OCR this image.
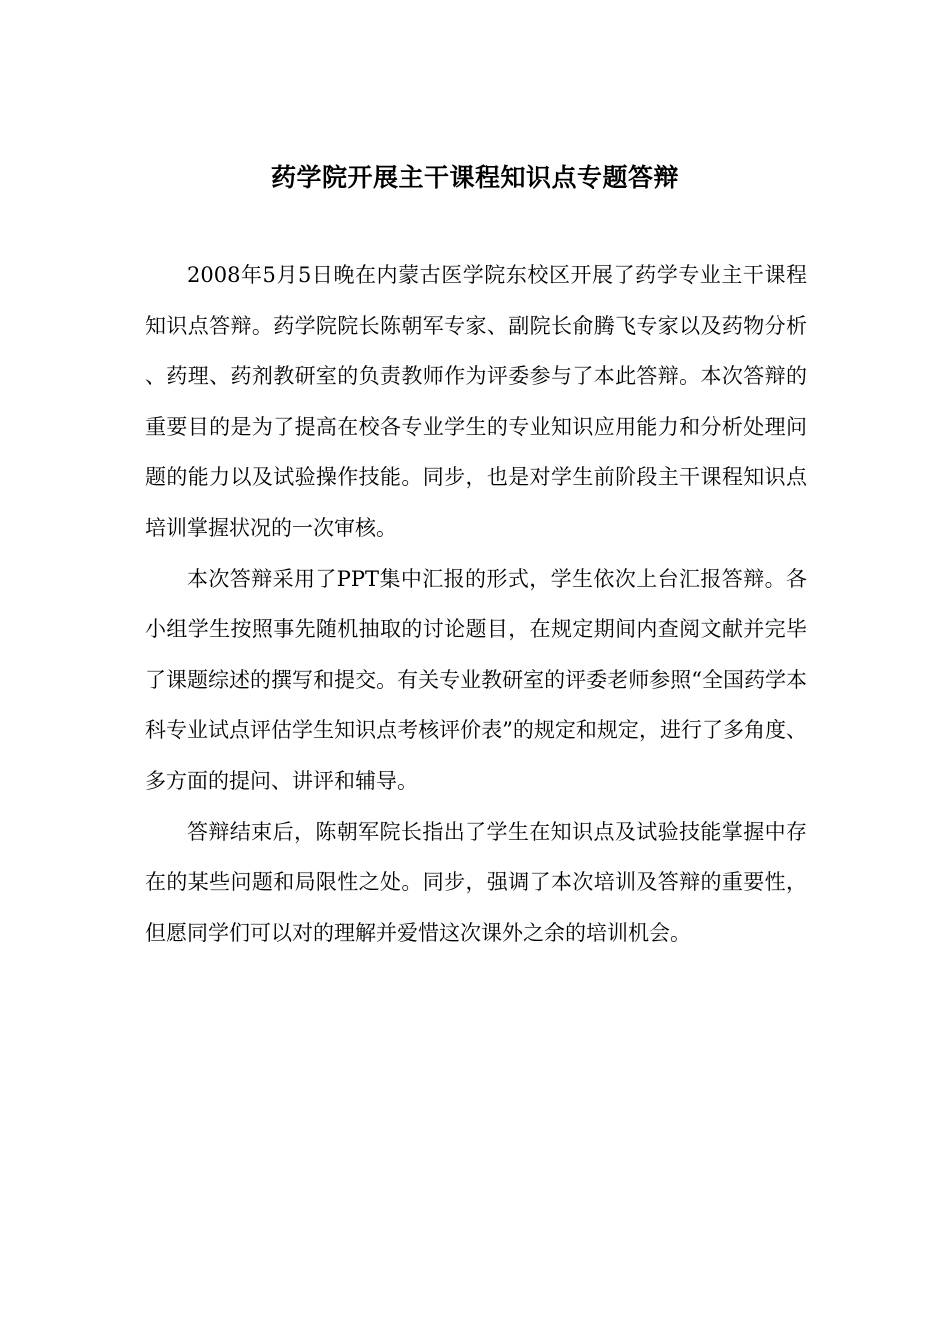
药学院开展主干课程知识点专题答辩

2008年5月5日晚在内蒙古医学院东校区开展了药学专业主干课程知识点答辩。药学院院长陈朝军专家、副院长俞腾飞专家以及药物分析、药理、药剂教研室的负责教师作为评委参与了本此答辩。本次答辩的重要目的是为了提高在校各专业学生的专业知识应用能力和分析处理问题的能力以及试验操作技能。同步，也是对学生前阶段主干课程知识点培训掌握状况的一次审核。

本次答辩采用了PPT集中汇报的形式，学生依次上台汇报答辩。各小组学生按照事先随机抽取的讨论题目，在规定期间内查阅文献并完毕了课题综述的撰写和提交。有关专业教研室的评委老师参照“全国药学本科专业试点评估学生知识点考核评价表”的规定和规定，进行了多角度、多方面的提问、讲评和辅导。

答辩结束后，陈朝军院长指出了学生在知识点及试验技能掌握中存在的某些问题和局限性之处。同步，强调了本次培训及答辩的重要性，但愿同学们可以对的理解并爱惜这次课外之余的培训机会。
